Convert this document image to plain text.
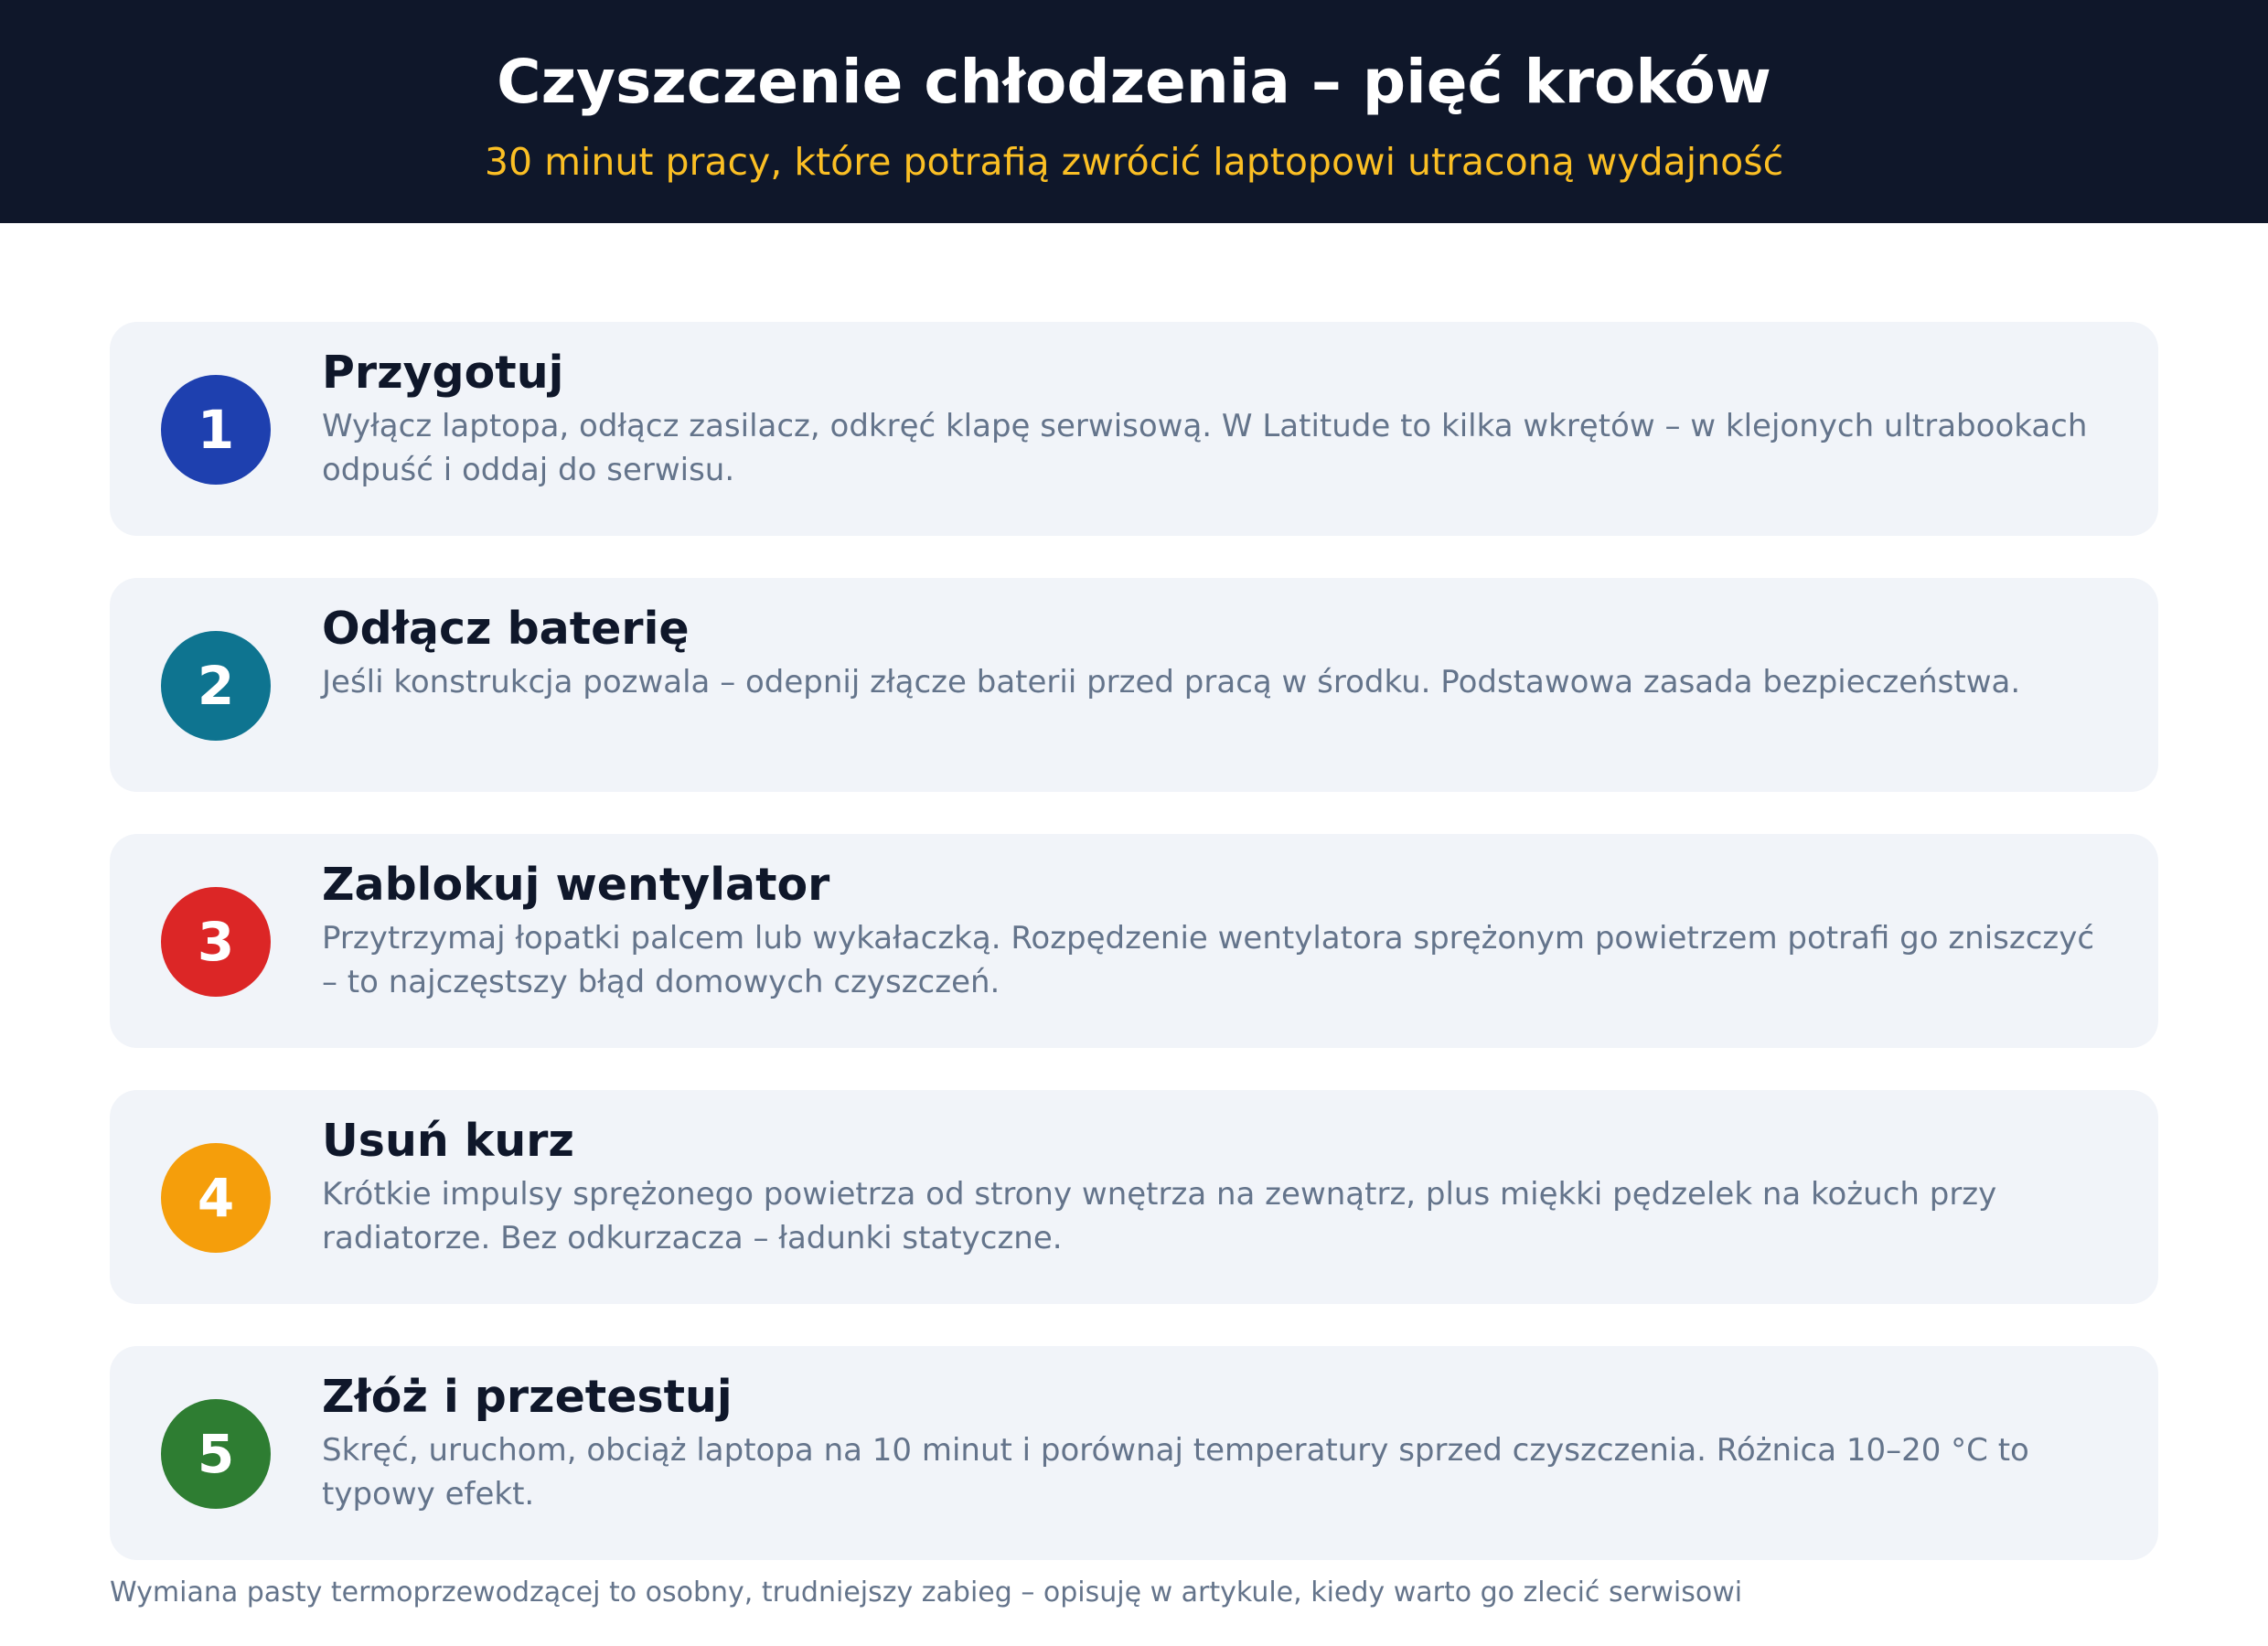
Czyszczenie chłodzenia – pięć kroków
30 minut pracy, które potrafią zwrócić laptopowi utraconą wydajność
1
Przygotuj
Wyłącz laptopa, odłącz zasilacz, odkręć klapę serwisową. W Latitude to kilka wkrętów – w klejonych ultrabookach odpuść i oddaj do serwisu.
2
Odłącz baterię
Jeśli konstrukcja pozwala – odepnij złącze baterii przed pracą w środku. Podstawowa zasada bezpieczeństwa.
3
Zablokuj wentylator
Przytrzymaj łopatki palcem lub wykałaczką. Rozpędzenie wentylatora sprężonym powietrzem potrafi go zniszczyć – to najczęstszy błąd domowych czyszczeń.
4
Usuń kurz
Krótkie impulsy sprężonego powietrza od strony wnętrza na zewnątrz, plus miękki pędzelek na kożuch przy radiatorze. Bez odkurzacza – ładunki statyczne.
5
Złóż i przetestuj
Skręć, uruchom, obciąż laptopa na 10 minut i porównaj temperatury sprzed czyszczenia. Różnica 10–20 °C to typowy efekt.
Wymiana pasty termoprzewodzącej to osobny, trudniejszy zabieg – opisuję w artykule, kiedy warto go zlecić serwisowi
